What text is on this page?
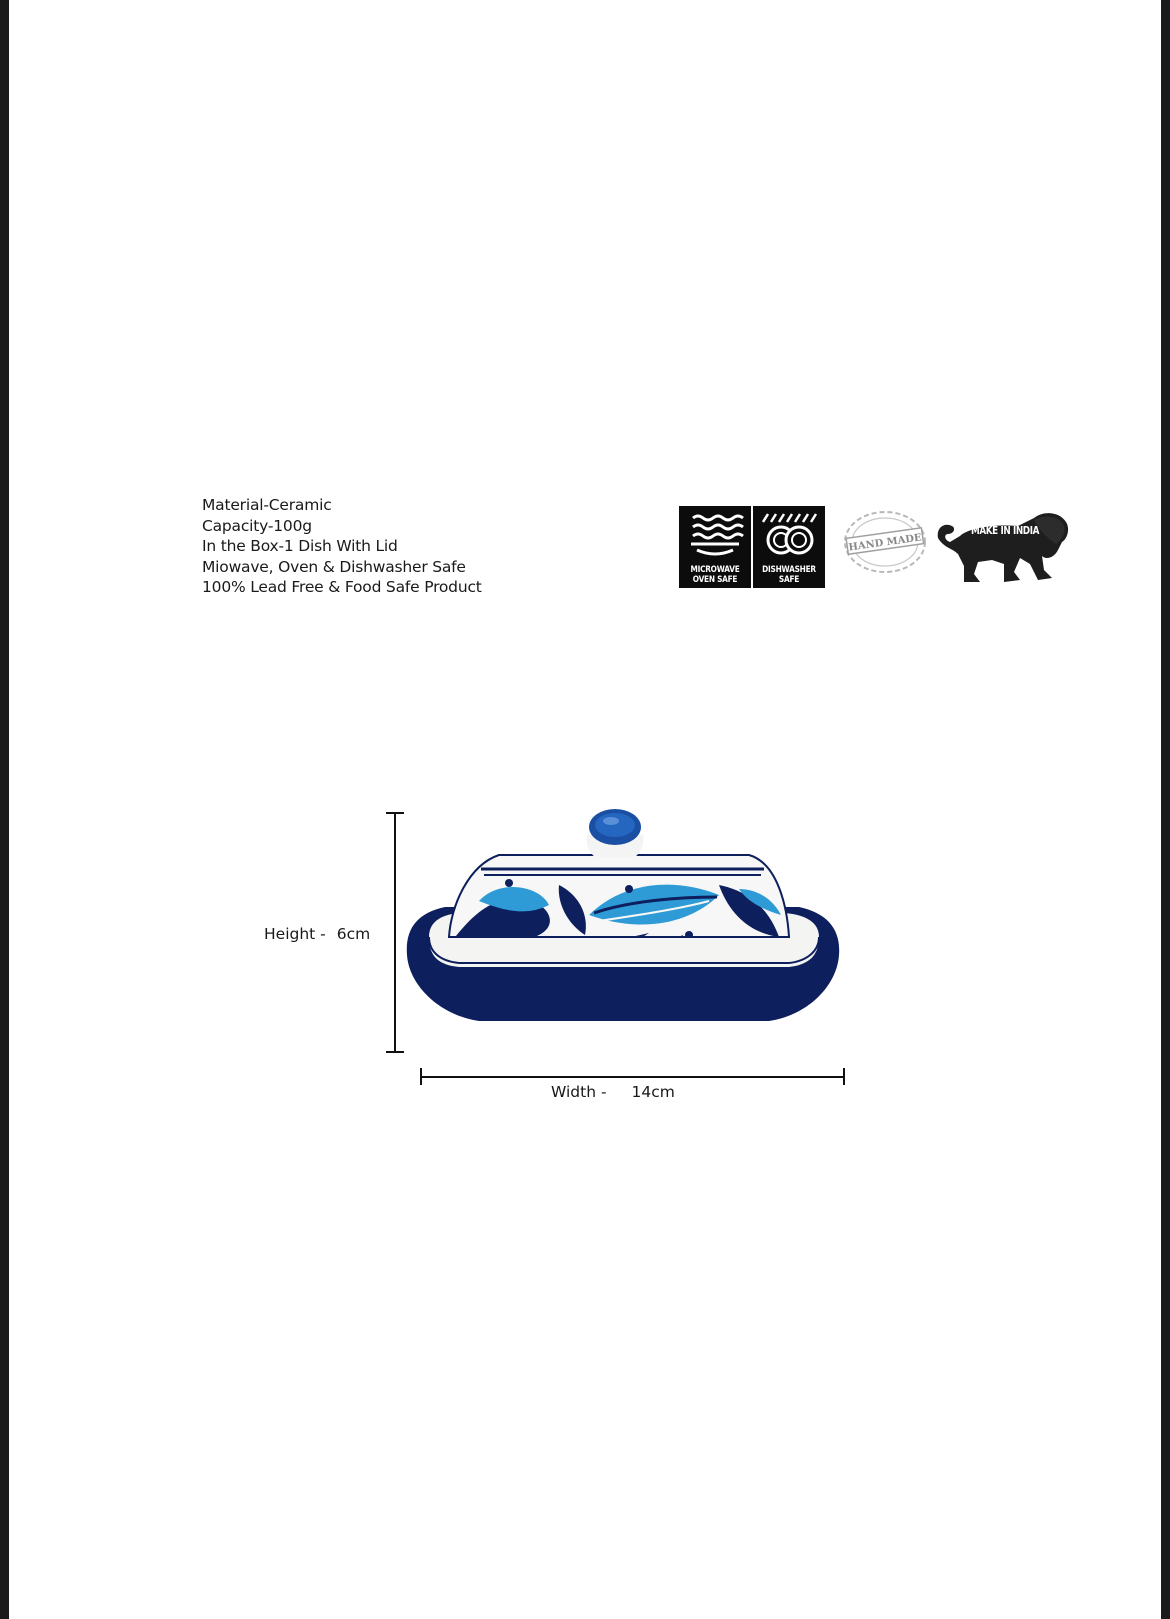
Material-Ceramic
Capacity-100g
In the Box-1 Dish With Lid
Miowave, Oven & Dishwasher Safe
100% Lead Free & Food Safe Product
MICROWAVE
OVEN SAFE
DISHWASHER
SAFE
HAND MADE
MAKE IN INDIA
Height - 6cm
Width - 14cm
